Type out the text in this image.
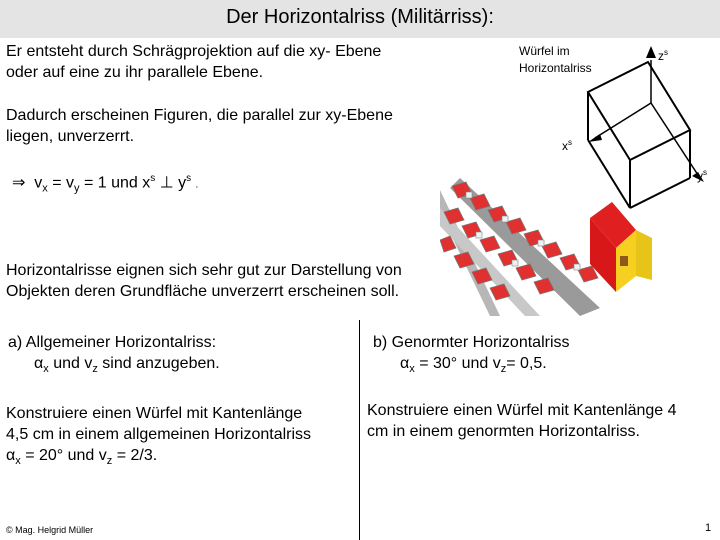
Der Horizontalriss (Militärriss):
Er entsteht durch Schrägprojektion auf die xy- Ebene
oder auf eine zu ihr parallele Ebene.
Dadurch erscheinen Figuren, die parallel zur xy-Ebene
liegen, unverzerrt.
⇒ $v_x = v_y = 1$ und $x^s$ ⊥ $y^s$ .
Würfel im
Horizontalriss
$z^s$
$x^s$
$y^s$
Horizontalrisse eignen sich sehr gut zur Darstellung von
Objekten deren Grundfläche unverzerrt erscheinen soll.
a) Allgemeiner Horizontalriss:
$\alpha_x$ und $v_z$ sind anzugeben.
b) Genormter Horizontalriss
$\alpha_x = 30^\circ$ und $v_z= 0,5$.
Konstruiere einen Würfel mit Kantenlänge
4,5 cm in einem allgemeinen Horizontalriss
$\alpha_x = 20^\circ$ und $v_z = 2/3$.
Konstruiere einen Würfel mit Kantenlänge 4
cm in einem genormten Horizontalriss.
© Mag. Helgrid Müller	1
